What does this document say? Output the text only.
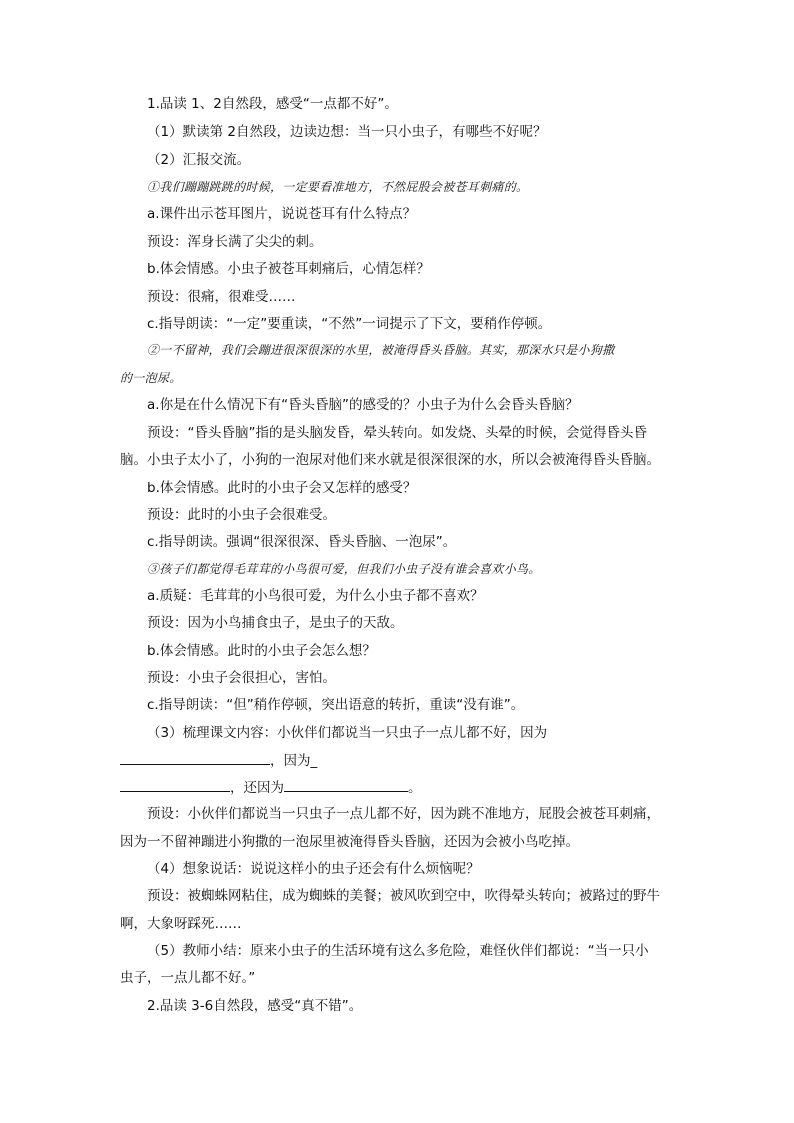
1.品读 1、2自然段，感受“一点都不好”。
（1）默读第 2自然段，边读边想：当一只小虫子，有哪些不好呢？
（2）汇报交流。
①我们蹦蹦跳跳的时候，一定要看准地方，不然屁股会被苍耳刺痛的。
a.课件出示苍耳图片，说说苍耳有什么特点？
预设：浑身长满了尖尖的刺。
b.体会情感。小虫子被苍耳刺痛后，心情怎样？
预设：很痛，很难受……
c.指导朗读：“一定”要重读，“不然”一词提示了下文，要稍作停顿。
②一不留神，我们会蹦进很深很深的水里，被淹得昏头昏脑。其实，那深水只是小狗撒
的一泡尿。
a.你是在什么情况下有“昏头昏脑”的感受的？小虫子为什么会昏头昏脑？
预设：“昏头昏脑”指的是头脑发昏，晕头转向。如发烧、头晕的时候，会觉得昏头昏
脑。小虫子太小了，小狗的一泡尿对他们来水就是很深很深的水，所以会被淹得昏头昏脑。
b.体会情感。此时的小虫子会又怎样的感受？
预设：此时的小虫子会很难受。
c.指导朗读。强调“很深很深、昏头昏脑、一泡尿”。
③孩子们都觉得毛茸茸的小鸟很可爱，但我们小虫子没有谁会喜欢小鸟。
a.质疑：毛茸茸的小鸟很可爱，为什么小虫子都不喜欢？
预设：因为小鸟捕食虫子，是虫子的天敌。
b.体会情感。此时的小虫子会怎么想？
预设：小虫子会很担心，害怕。
c.指导朗读：“但”稍作停顿，突出语意的转折，重读“没有谁”。
（3）梳理课文内容：小伙伴们都说当一只虫子一点儿都不好，因为
，因为_
，还因为	。
预设：小伙伴们都说当一只虫子一点儿都不好，因为跳不准地方，屁股会被苍耳刺痛，
因为一不留神蹦进小狗撒的一泡尿里被淹得昏头昏脑，还因为会被小鸟吃掉。
（4）想象说话：说说这样小的虫子还会有什么烦恼呢？
预设：被蜘蛛网粘住，成为蜘蛛的美餐；被风吹到空中，吹得晕头转向；被路过的野牛
啊，大象呀踩死……
（5）教师小结：原来小虫子的生活环境有这么多危险，难怪伙伴们都说：“当一只小
虫子，一点儿都不好。”
2.品读 3-6自然段，感受“真不错”。
